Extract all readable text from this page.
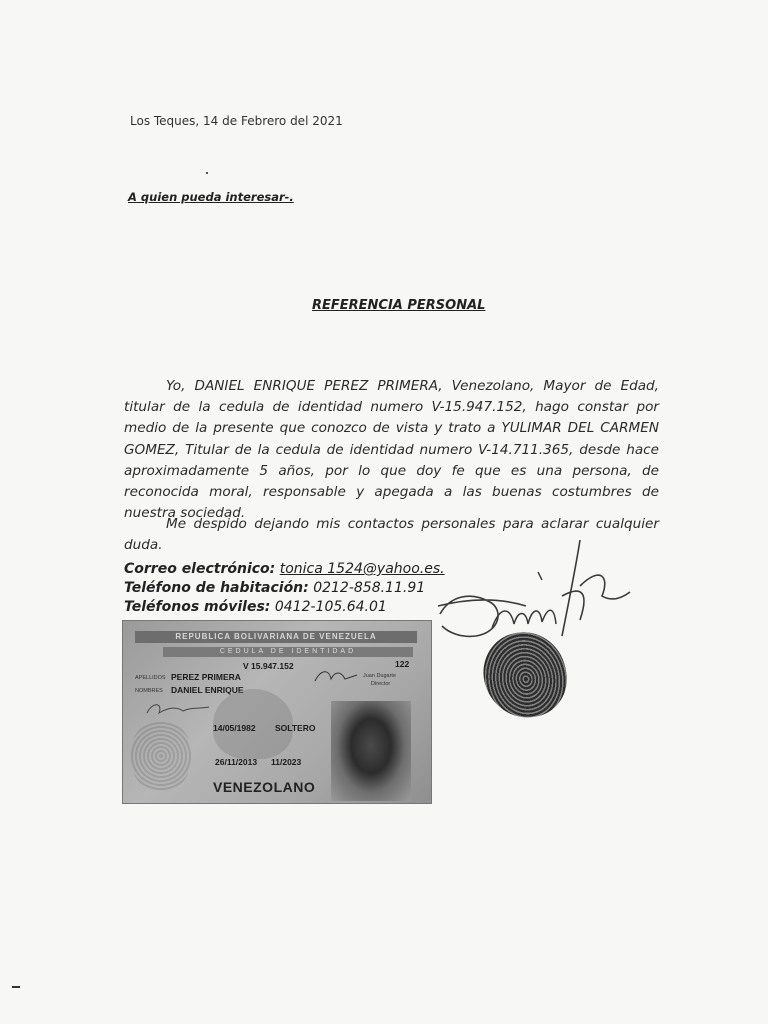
Los Teques, 14 de Febrero del 2021
A quien pueda interesar-.
REFERENCIA PERSONAL
Yo, DANIEL ENRIQUE PEREZ PRIMERA, Venezolano, Mayor de Edad, titular de la cedula de identidad numero V-15.947.152, hago constar por medio de la presente que conozco de vista y trato a YULIMAR DEL CARMEN GOMEZ, Titular de la cedula de identidad numero V-14.711.365, desde hace aproximadamente 5 años, por lo que doy fe que es una persona, de reconocida moral, responsable y apegada a las buenas costumbres de nuestra sociedad.
Me despido dejando mis contactos personales para aclarar cualquier duda.
Correo electrónico: tonica 1524@yahoo.es.
Teléfono de habitación: 0212-858.11.91
Teléfonos móviles: 0412-105.64.01
REPUBLICA BOLIVARIANA DE VENEZUELA
CEDULA DE IDENTIDAD
V 15.947.152	122
APELLIDOS PEREZ PRIMERA
NOMBRES DANIEL ENRIQUE
Juan Dugarte
Director
14/05/1982 SOLTERO
26/11/2013 11/2023
VENEZOLANO
